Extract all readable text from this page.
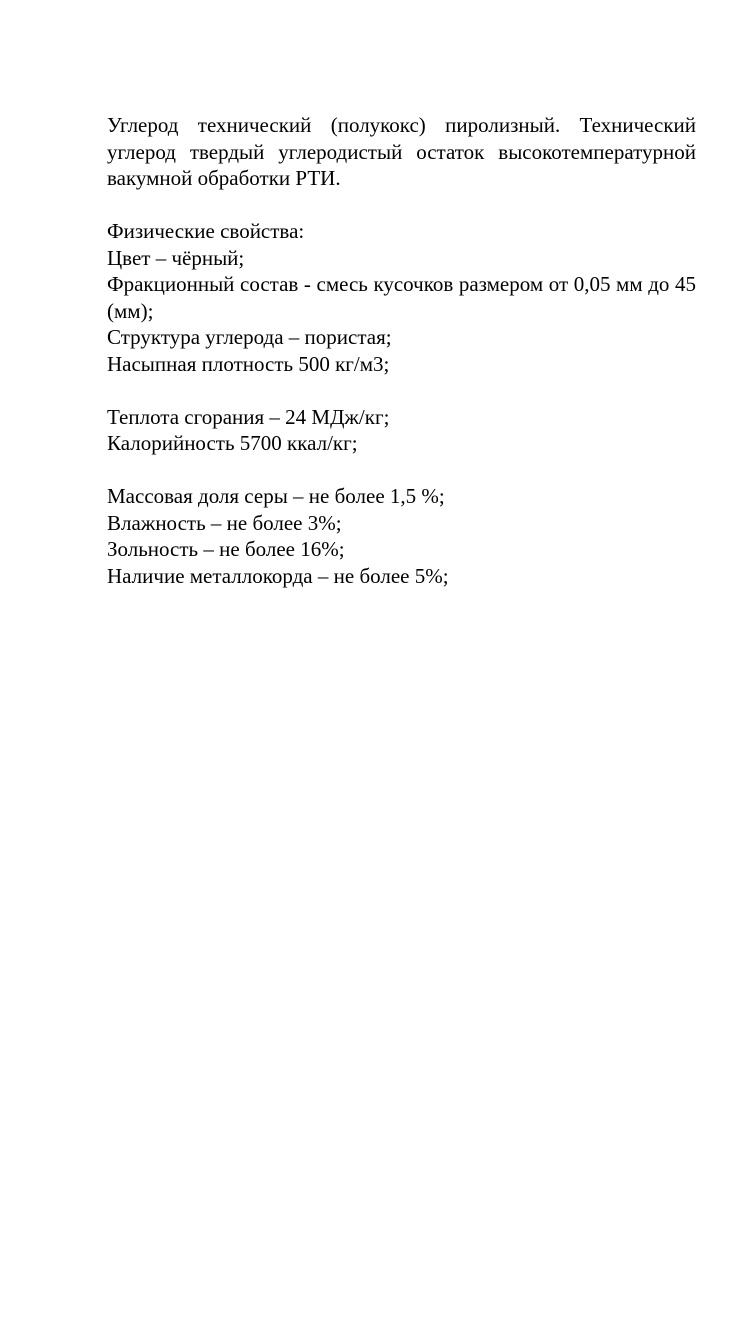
Углерод технический (полукокс) пиролизный. Технический углерод твердый углеродистый остаток высокотемпературной вакумной обработки РТИ.

Физические свойства:
Цвет – чёрный;

Фракционный состав - смесь кусочков размером от 0,05 мм до 45 (мм);

Структура углерода – пористая;
Насыпная плотность 500 кг/м3;
Теплота сгорания – 24 МДж/кг;
Калорийность 5700 ккал/кг;
Массовая доля серы – не более 1,5 %;
Влажность – не более 3%;
Зольность – не более 16%;
Наличие металлокорда – не более 5%;
